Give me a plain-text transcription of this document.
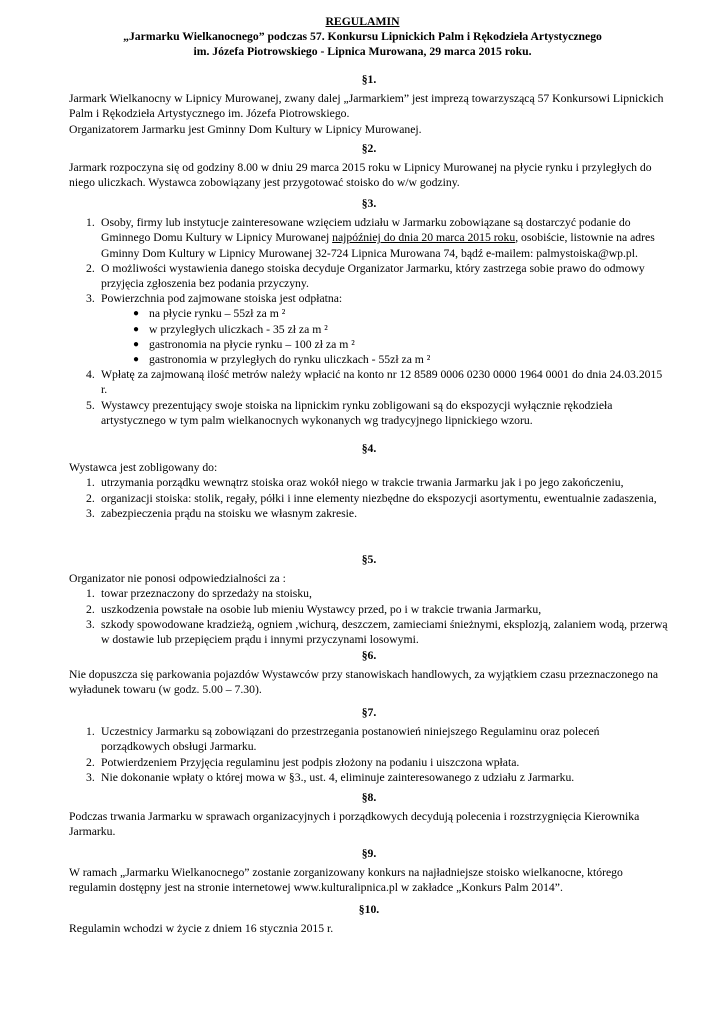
REGULAMIN
„Jarmarku Wielkanocnego” podczas 57. Konkursu Lipnickich Palm i Rękodzieła Artystycznego
im. Józefa Piotrowskiego - Lipnica Murowana, 29 marca 2015 roku.
§1.

Jarmark Wielkanocny w Lipnicy Murowanej, zwany dalej „Jarmarkiem” jest imprezą towarzyszącą 57 Konkursowi Lipnickich Palm i Rękodzieła Artystycznego im. Józefa Piotrowskiego.

Organizatorem Jarmarku jest Gminny Dom Kultury w Lipnicy Murowanej.

§2.

Jarmark rozpoczyna się od godziny 8.00 w dniu 29 marca 2015 roku w Lipnicy Murowanej na płycie rynku i przyległych do niego uliczkach. Wystawca zobowiązany jest przygotować stoisko do w/w godziny.

§3.
1. Osoby, firmy lub instytucje zainteresowane wzięciem udziału w Jarmarku zobowiązane są dostarczyć podanie do Gminnego Domu Kultury w Lipnicy Murowanej najpóźniej do dnia 20 marca 2015 roku, osobiście, listownie na adres Gminny Dom Kultury w Lipnicy Murowanej 32-724 Lipnica Murowana 74, bądź e-mailem: palmystoiska@wp.pl.
2. O możliwości wystawienia danego stoiska decyduje Organizator Jarmarku, który zastrzega sobie prawo do odmowy przyjęcia zgłoszenia bez podania przyczyny.
3. Powierzchnia pod zajmowane stoiska jest odpłatna:
● na płycie rynku – 55zł za m ²
● w przyległych uliczkach - 35 zł za m ²
● gastronomia na płycie rynku – 100 zł za m ²
● gastronomia w przyległych do rynku uliczkach - 55zł za m ²
4. Wpłatę za zajmowaną ilość metrów należy wpłacić na konto nr 12 8589 0006 0230 0000 1964 0001 do dnia 24.03.2015 r.
5. Wystawcy prezentujący swoje stoiska na lipnickim rynku zobligowani są do ekspozycji wyłącznie rękodzieła artystycznego w tym palm wielkanocnych wykonanych wg tradycyjnego lipnickiego wzoru.
§4.

Wystawca jest zobligowany do:

1. utrzymania porządku wewnątrz stoiska oraz wokół niego w trakcie trwania Jarmarku jak i po jego zakończeniu,
2. organizacji stoiska: stolik, regały, półki i inne elementy niezbędne do ekspozycji asortymentu, ewentualnie zadaszenia,
3. zabezpieczenia prądu na stoisku we własnym zakresie.
§5.

Organizator nie ponosi odpowiedzialności za :

1. towar przeznaczony do sprzedaży na stoisku,
2. uszkodzenia powstałe na osobie lub mieniu Wystawcy przed, po i w trakcie trwania Jarmarku,
3. szkody spowodowane kradzieżą, ogniem ,wichurą, deszczem, zamieciami śnieżnymi, eksplozją, zalaniem wodą, przerwą w dostawie lub przepięciem prądu i innymi przyczynami losowymi.
§6.

Nie dopuszcza się parkowania pojazdów Wystawców przy stanowiskach handlowych, za wyjątkiem czasu przeznaczonego na wyładunek towaru (w godz. 5.00 – 7.30).

§7.
1. Uczestnicy Jarmarku są zobowiązani do przestrzegania postanowień niniejszego Regulaminu oraz poleceń porządkowych obsługi Jarmarku.
2. Potwierdzeniem Przyjęcia regulaminu jest podpis złożony na podaniu i uiszczona wpłata.
3. Nie dokonanie wpłaty o której mowa w §3., ust. 4, eliminuje zainteresowanego z udziału z Jarmarku.
§8.

Podczas trwania Jarmarku w sprawach organizacyjnych i porządkowych decydują polecenia i rozstrzygnięcia Kierownika Jarmarku.

§9.

W ramach „Jarmarku Wielkanocnego” zostanie zorganizowany konkurs na najładniejsze stoisko wielkanocne, którego regulamin dostępny jest na stronie internetowej www.kulturalipnica.pl w zakładce „Konkurs Palm 2014”.

§10.

Regulamin wchodzi w życie z dniem 16 stycznia 2015 r.
